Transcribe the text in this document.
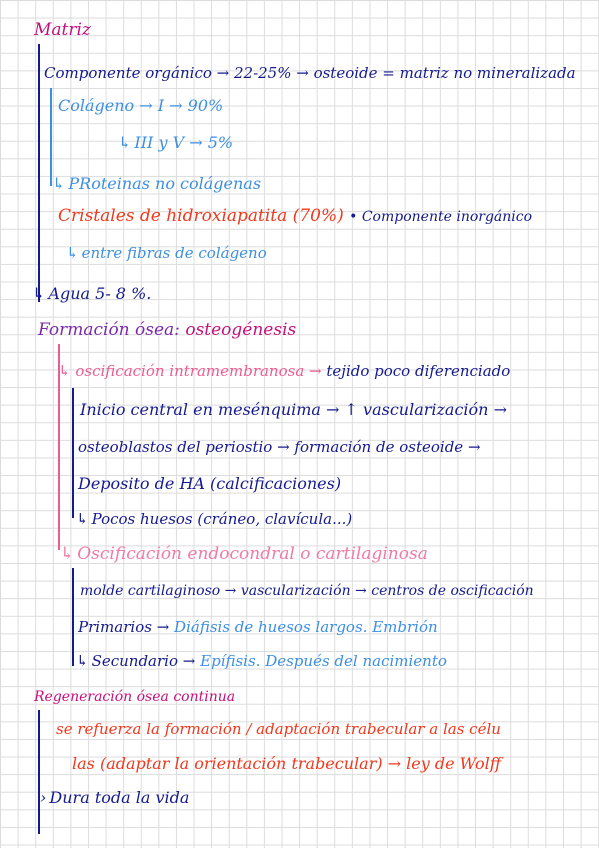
Matriz
Componente orgánico → 22-25% → osteoide = matriz no mineralizada
Colágeno → I → 90%
↳ III y V → 5%
↳ PRoteinas no colágenas
Cristales de hidroxiapatita (70%) • Componente inorgánico
↳ entre fibras de colágeno
↳ Agua 5- 8 %.
Formación ósea: osteogénesis
↳ oscificación intramembranosa → tejido poco diferenciado
Inicio central en mesénquima → ↑ vascularización →
osteoblastos del periostio → formación de osteoide →
Deposito de HA (calcificaciones)
↳ Pocos huesos (cráneo, clavícula...)
↳ Oscificación endocondral o cartilaginosa
molde cartilaginoso → vascularización → centros de oscificación
Primarios → Diáfisis de huesos largos. Embrión
↳ Secundario → Epífisis. Después del nacimiento
Regeneración ósea continua
se refuerza la formación / adaptación trabecular a las célu
las (adaptar la orientación trabecular) → ley de Wolff
› Dura toda la vida
